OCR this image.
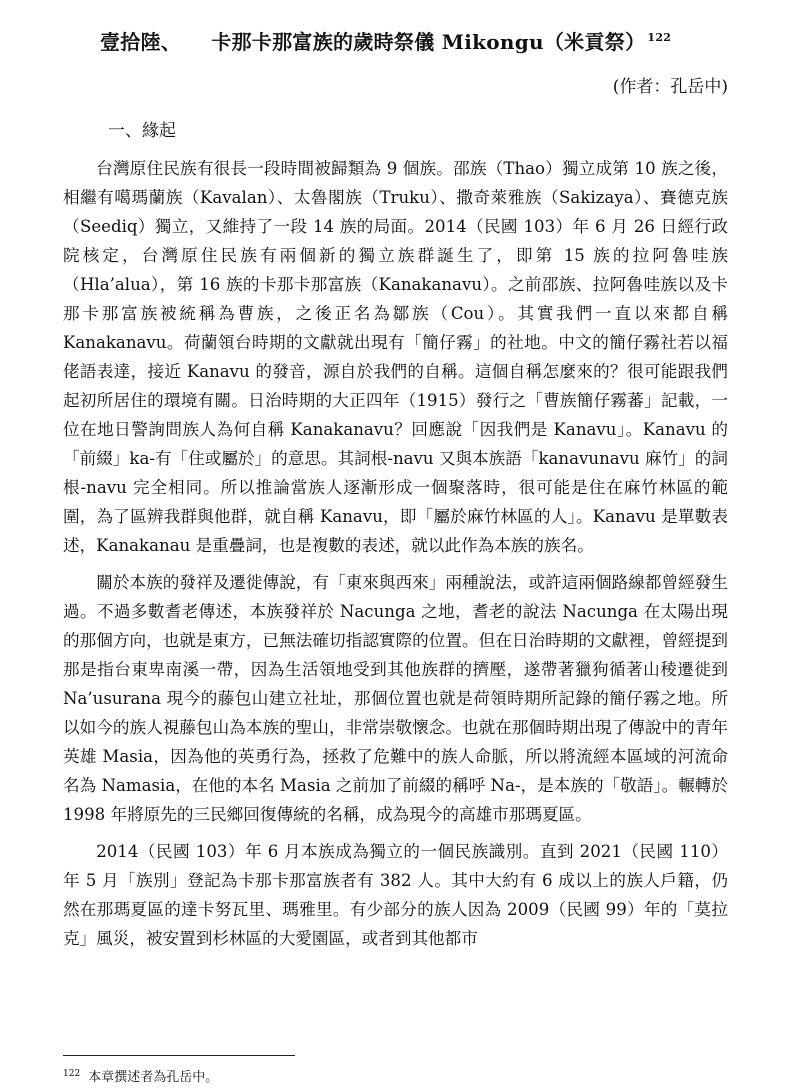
壹拾陸、 卡那卡那富族的歲時祭儀 Mikongu（米貢祭） $^{122}$
(作者：孔岳中)
一、緣起

台灣原住民族有很長一段時間被歸類為 9 個族。邵族（Thao）獨立成第 10 族之後，相繼有噶瑪蘭族（Kavalan）、太魯閣族（Truku）、撒奇萊雅族（Sakizaya）、賽德克族（Seediq）獨立，又維持了一段 14 族的局面。2014（民國 103）年 6 月 26 日經行政院核定，台灣原住民族有兩個新的獨立族群誕生了，即第 15 族的拉阿魯哇族（Hla’alua），第 16 族的卡那卡那富族（Kanakanavu）。之前邵族、拉阿魯哇族以及卡那卡那富族被統稱為曹族，之後正名為鄒族（Cou）。其實我們一直以來都自稱 Kanakanavu。荷蘭領台時期的文獻就出現有「簡仔霧」的社地。中文的簡仔霧社若以福佬語表達，接近 Kanavu 的發音，源自於我們的自稱。這個自稱怎麼來的？很可能跟我們起初所居住的環境有關。日治時期的大正四年（1915）發行之「曹族簡仔霧蕃」記載，一位在地日警詢問族人為何自稱 Kanakanavu？回應說「因我們是 Kanavu」。Kanavu 的「前綴」ka-有「住或屬於」的意思。其詞根-navu 又與本族語「kanavunavu 麻竹」的詞根-navu 完全相同。所以推論當族人逐漸形成一個聚落時，很可能是住在麻竹林區的範圍，為了區辨我群與他群，就自稱 Kanavu，即「屬於麻竹林區的人」。Kanavu 是單數表述，Kanakanau 是重疊詞，也是複數的表述，就以此作為本族的族名。

關於本族的發祥及遷徙傳說，有「東來與西來」兩種說法，或許這兩個路線都曾經發生過。不過多數耆老傳述，本族發祥於 Nacunga 之地，耆老的說法 Nacunga 在太陽出現的那個方向，也就是東方，已無法確切指認實際的位置。但在日治時期的文獻裡，曾經提到那是指台東卑南溪一帶，因為生活領地受到其他族群的擠壓，遂帶著獵狗循著山稜遷徙到 Na’usurana 現今的藤包山建立社址，那個位置也就是荷領時期所記錄的簡仔霧之地。所以如今的族人視藤包山為本族的聖山，非常崇敬懷念。也就在那個時期出現了傳說中的青年英雄 Masia，因為他的英勇行為，拯救了危難中的族人命脈，所以將流經本區域的河流命名為 Namasia，在他的本名 Masia 之前加了前綴的稱呼 Na-，是本族的「敬語」。輾轉於 1998 年將原先的三民鄉回復傳統的名稱，成為現今的高雄市那瑪夏區。

2014（民國 103）年 6 月本族成為獨立的一個民族識別。直到 2021（民國 110）年 5 月「族別」登記為卡那卡那富族者有 382 人。其中大約有 6 成以上的族人戶籍，仍然在那瑪夏區的達卡努瓦里、瑪雅里。有少部分的族人因為 2009（民國 99）年的「莫拉克」風災，被安置到杉林區的大愛園區，或者到其他都市

$^{122}$ 本章撰述者為孔岳中。
